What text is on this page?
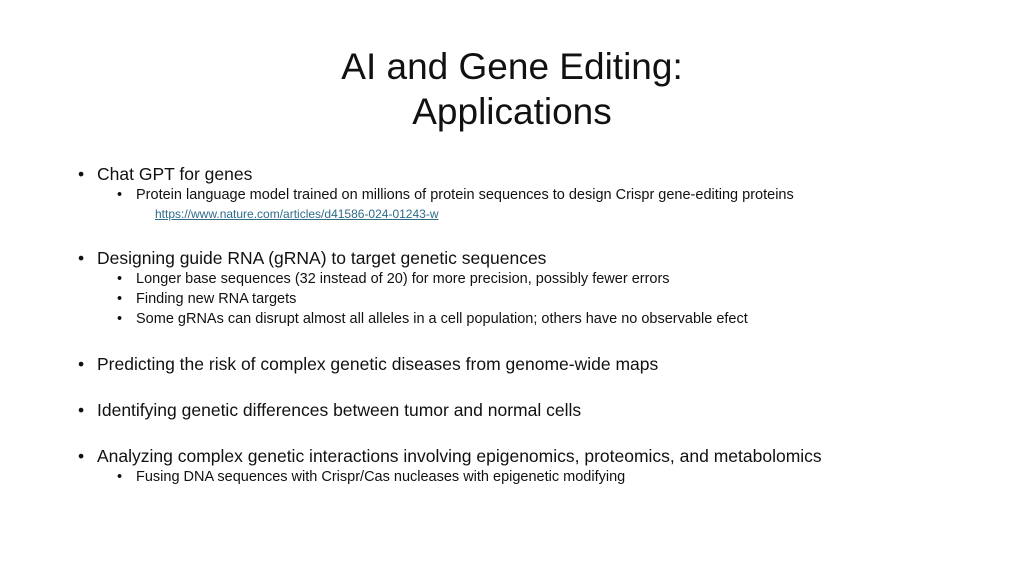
AI and Gene Editing:
Applications
• Chat GPT for genes
• Protein language model trained on millions of protein sequences to design Crispr gene-editing proteins
https://www.nature.com/articles/d41586-024-01243-w
• Designing guide RNA (gRNA) to target genetic sequences
• Longer base sequences (32 instead of 20) for more precision, possibly fewer errors
• Finding new RNA targets
• Some gRNAs can disrupt almost all alleles in a cell population; others have no observable efect
• Predicting the risk of complex genetic diseases from genome-wide maps
• Identifying genetic differences between tumor and normal cells
• Analyzing complex genetic interactions involving epigenomics, proteomics, and metabolomics
• Fusing DNA sequences with Crispr/Cas nucleases with epigenetic modifying
